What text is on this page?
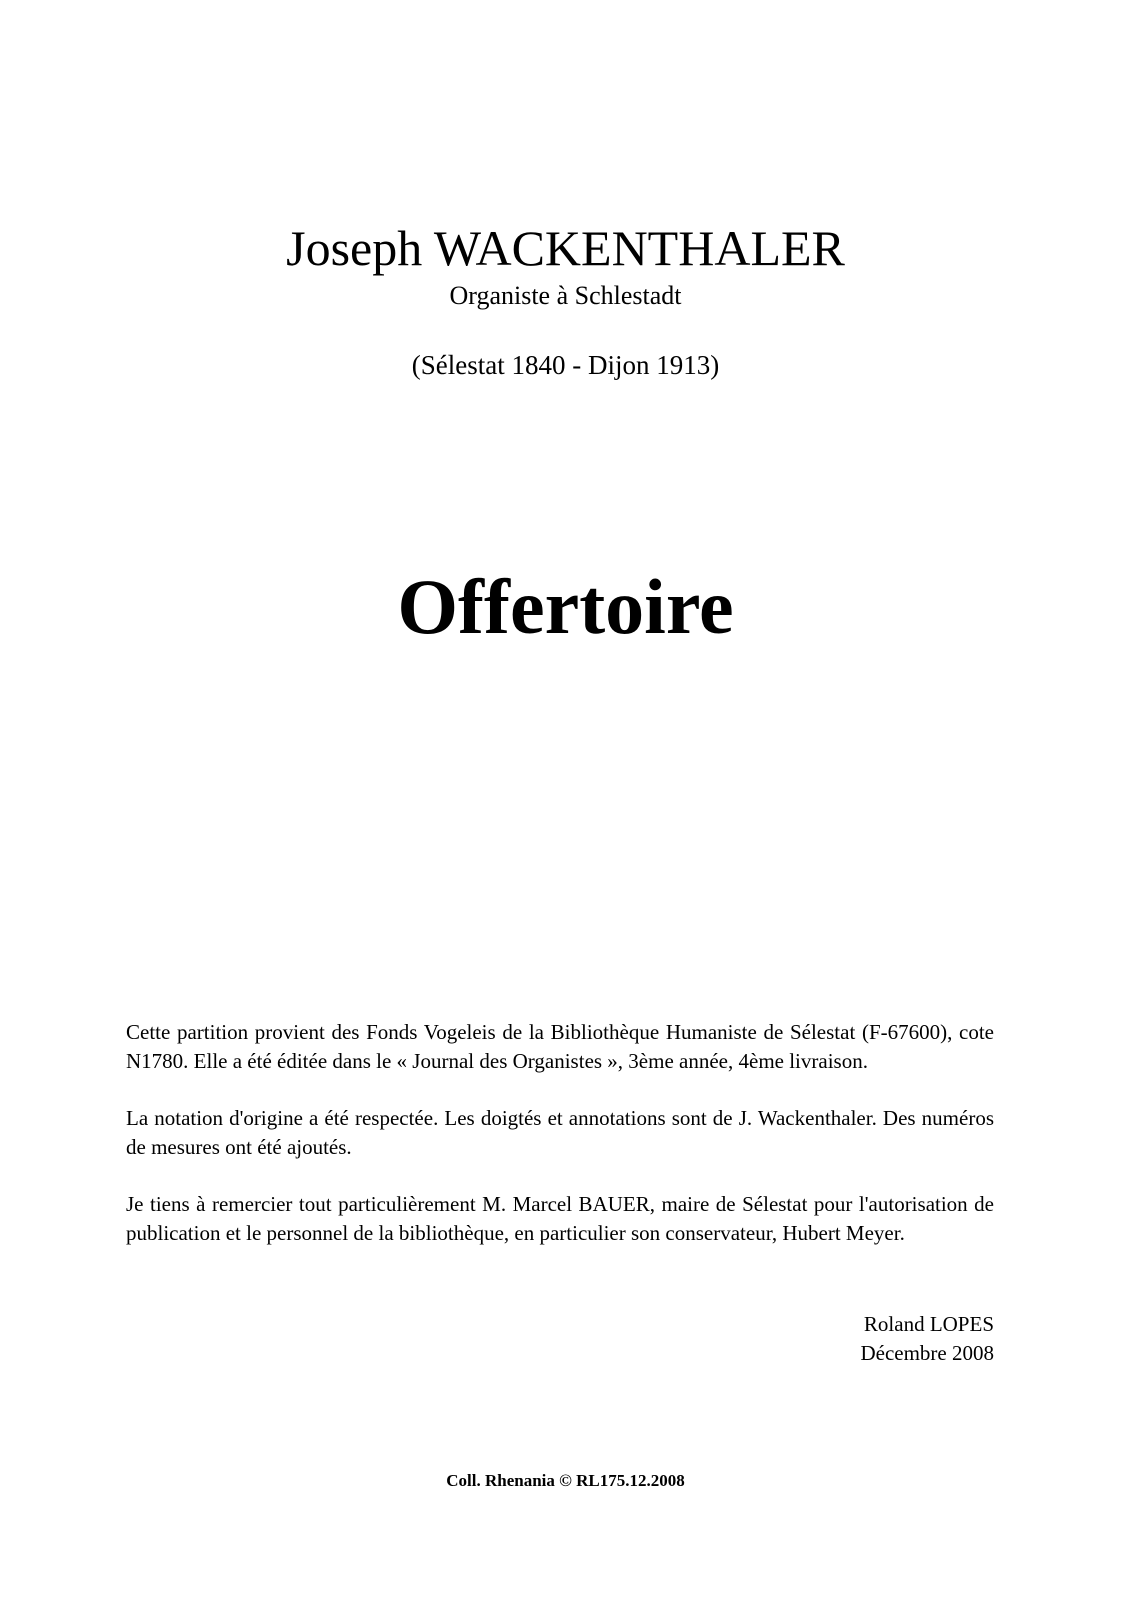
Joseph WACKENTHALER

Organiste à Schlestadt

(Sélestat 1840 - Dijon 1913)

Offertoire

Cette partition provient des Fonds Vogeleis de la Bibliothèque Humaniste de Sélestat (F-67600), cote N1780. Elle a été éditée dans le « Journal des Organistes », 3ème année, 4ème livraison.

La notation d'origine a été respectée. Les doigtés et annotations sont de J. Wackenthaler. Des numéros de mesures ont été ajoutés.

Je tiens à remercier tout particulièrement M. Marcel BAUER, maire de Sélestat pour l'autorisation de publication et le personnel de la bibliothèque, en particulier son conservateur, Hubert Meyer.

Roland LOPES
Décembre 2008
Coll. Rhenania © RL175.12.2008
